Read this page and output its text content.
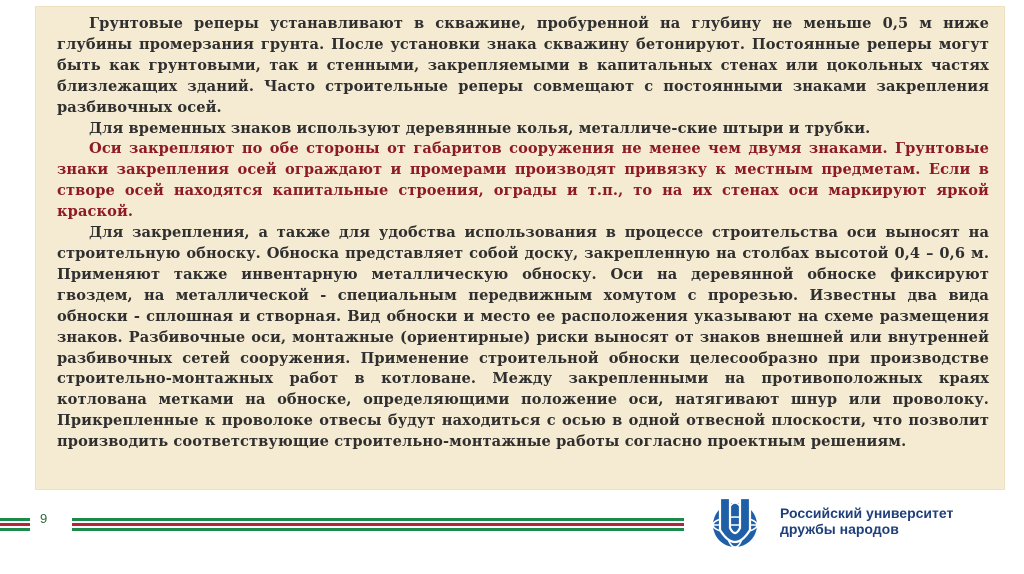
Грунтовые реперы устанавливают в скважине, пробуренной на глубину не меньше 0,5 м ниже глубины промерзания грунта. После установки знака скважину бетонируют. Постоянные реперы могут быть как грунтовыми, так и стенными, закрепляемыми в капитальных стенах или цокольных частях близлежащих зданий. Часто строительные реперы совмещают с постоянными знаками закрепления разбивочных осей.

Для временных знаков используют деревянные колья, металличе-ские штыри и трубки.

Оси закрепляют по обе стороны от габаритов сооружения не менее чем двумя знаками. Грунтовые знаки закрепления осей ограждают и промерами производят привязку к местным предметам. Если в створе осей находятся капитальные строения, ограды и т.п., то на их стенах оси маркируют яркой краской.

Для закрепления, а также для удобства использования в процессе строительства оси выносят на строительную обноску. Обноска представляет собой доску, закрепленную на столбах высотой 0,4 – 0,6 м. Применяют также инвентарную металлическую обноску. Оси на деревянной обноске фиксируют гвоздем, на металлической - специальным передвижным хомутом с прорезью. Известны два вида обноски - сплошная и створная. Вид обноски и место ее расположения указывают на схеме размещения знаков. Разбивочные оси, монтажные (ориентирные) риски выносят от знаков внешней или внутренней разбивочных сетей сооружения. Применение строительной обноски целесообразно при производстве строительно-монтажных работ в котловане. Между закрепленными на противоположных краях котлована метками на обноске, определяющими положение оси, натягивают шнур или проволоку. Прикрепленные к проволоке отвесы будут находиться с осью в одной отвесной плоскости, что позволит производить соответствующие строительно-монтажные работы согласно проектным решениям.

9	Российский университет
дружбы народов
